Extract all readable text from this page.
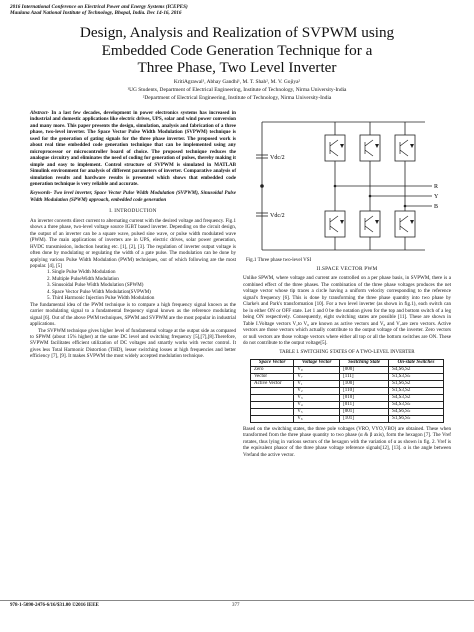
2016 International Conference on Electrical Power and Energy Systems (ICEPES)
Maulana Azad National Institute of Technology, Bhopal, India. Dec 14-16, 2016
Design, Analysis and Realization of SVPWM using
Embedded Code Generation Technique for a
Three Phase, Two Level Inverter
KritiAgrawal¹, Abhay Gandhi¹, M. T. Shah², M. V. Gojiya²
¹UG Students, Department of Electrical Engineering, Institute of Technology, Nirma University-India
²Department of Electrical Engineering, Institute of Technology, Nirma University-India

Abstract- In a last few decades, development in power electronics systems has increased in industrial and domestic applications like electric drives, UPS, solar and wind power conversion and many more. This paper presents the design, simulation, analysis and fabrication of a three phase, two-level inverter. The Space Vector Pulse Width Modulation (SVPWM) technique is used for the generation of gating signals for the three phase inverter. The proposed work is about real time embedded code generation technique that can be implemented using any microprocessor or microcontroller board of choice. The proposed technique reduces the analogue circuitry and eliminates the need of coding for generation of pulses, thereby making it simple and easy to implement. Control structure of SVPWM is simulated in MATLAB Simulink environment for analysis of different parameters of inverter. Comparative analysis of simulation results and hardware results is presented which shows that embedded code generation technique is very reliable and accurate.

Keywords- Two level inverter, Space Vector Pulse Width Modulation (SVPWM), Sinusoidal Pulse Width Modulation (SPWM) approach, embedded code generation

I. INTRODUCTION

An inverter converts direct current to alternating current with the desired voltage and frequency. Fig.1 shows a three phase, two-level voltage source IGBT based inverter. Depending on the circuit design, the output of an inverter can be a square wave, pulsed sine wave, or pulse width modulated wave (PWM). The main applications of inverters are in UPS, electric drives, solar power generation, HVDC transmission, induction heating etc. [1], [2], [3]. The regulation of inverter output voltage is often done by modulating or regulating the width of a gate pulse. The modulation can be done by applying various Pulse Width Modulation (PWM) techniques, out of which following are the most popular. [4], [5]

1. Single Pulse Width Modulation
2. Multiple PulseWidth Modulation
3. Sinusoidal Pulse Width Modulation (SPWM)
4. Space Vector Pulse Width Modulation(SVPWM)
5. Third Harmonic Injection Pulse Width Modulation

The fundamental idea of the PWM technique is to compare a high frequency signal known as the carrier modulating signal to a fundamental frequency signal known as the reference modulating signal [6]. Out of the above PWM techniques, SPWM and SVPWM are the most popular in industrial applications.

The SVPWM technique gives higher level of fundamental voltage at the output side as compared to SPWM (about 15% higher) at the same DC level and switching frequency [5],[7],[8].Therefore, SVPWM facilitates efficient utilization of DC voltages and smartly works with vector control. It gives less Total Harmonic Distortion (THD), lesser switching losses at high frequencies and better efficiency [7], [9]. It makes SVPWM the most widely accepted modulation technique.

Vdc/2
Vdc/2
R
Y
B
Fig.1 Three phase two-level VSI
II.SPACE VECTOR PWM

Unlike SPWM, where voltage and current are controlled on a per phase basis, in SVPWM, there is a combined effect of the three phases. The combination of the three phase voltages produces the net voltage vector whose tip traces a circle having a uniform velocity corresponding to the reference signal's frequency [6]. This is done by transforming the three phase quantity into two phase by Clarke's and Park's transformation [10]. For a two level inverter (as shown in fig.1), each switch can be in either ON or OFF state. Let 1 and 0 be the notation given for the top and bottom switch of a leg being ON respectively. Consequently, eight switching states are possible [11]. These are shown in Table I.Voltage vectors V₁to V₆ are known as active vectors and V₀ and V₇are zero vectors. Active vectors are those vectors which actually contribute to the output voltage of the inverter. Zero vectors or null vectors are those voltage vectors where either all top or all the bottom switches are ON. These do not contribute to the output voltage[5].

TABLE I. SWITCHING STATES OF A TWO-LEVEL INVERTER
Space Vector	Voltage Vector	Switching State	On-state Switches
Zero	V₀	[000]	S4,S6,S2
Vector	V₇	[111]	S1,S3,S5
Active Vector	V₁	[100]	S1,S6,S2
	V₂	[110]	S1,S3,S2
	V₃	[010]	S4,S3,S2
	V₄	[011]	S4,S3,S5
	V₅	[001]	S4,S6,S5
	V₆	[101]	S1,S6,S5

Based on the switching states, the three pole voltages (VRO, VYO,VBO) are obtained. These when transformed from the three phase quantity to two phase (α & β axis), form the hexagon [7]. The Vref rotates, thus lying in various sectors of the hexagon with the variation of α as shown in fig. 2. Vref is the equivalent phasor of the three phase voltage reference signals[12], [13]. α is the angle between Vrefand the active vector.

978-1-5090-2476-6/16/$31.00 ©2016 IEEE	377
